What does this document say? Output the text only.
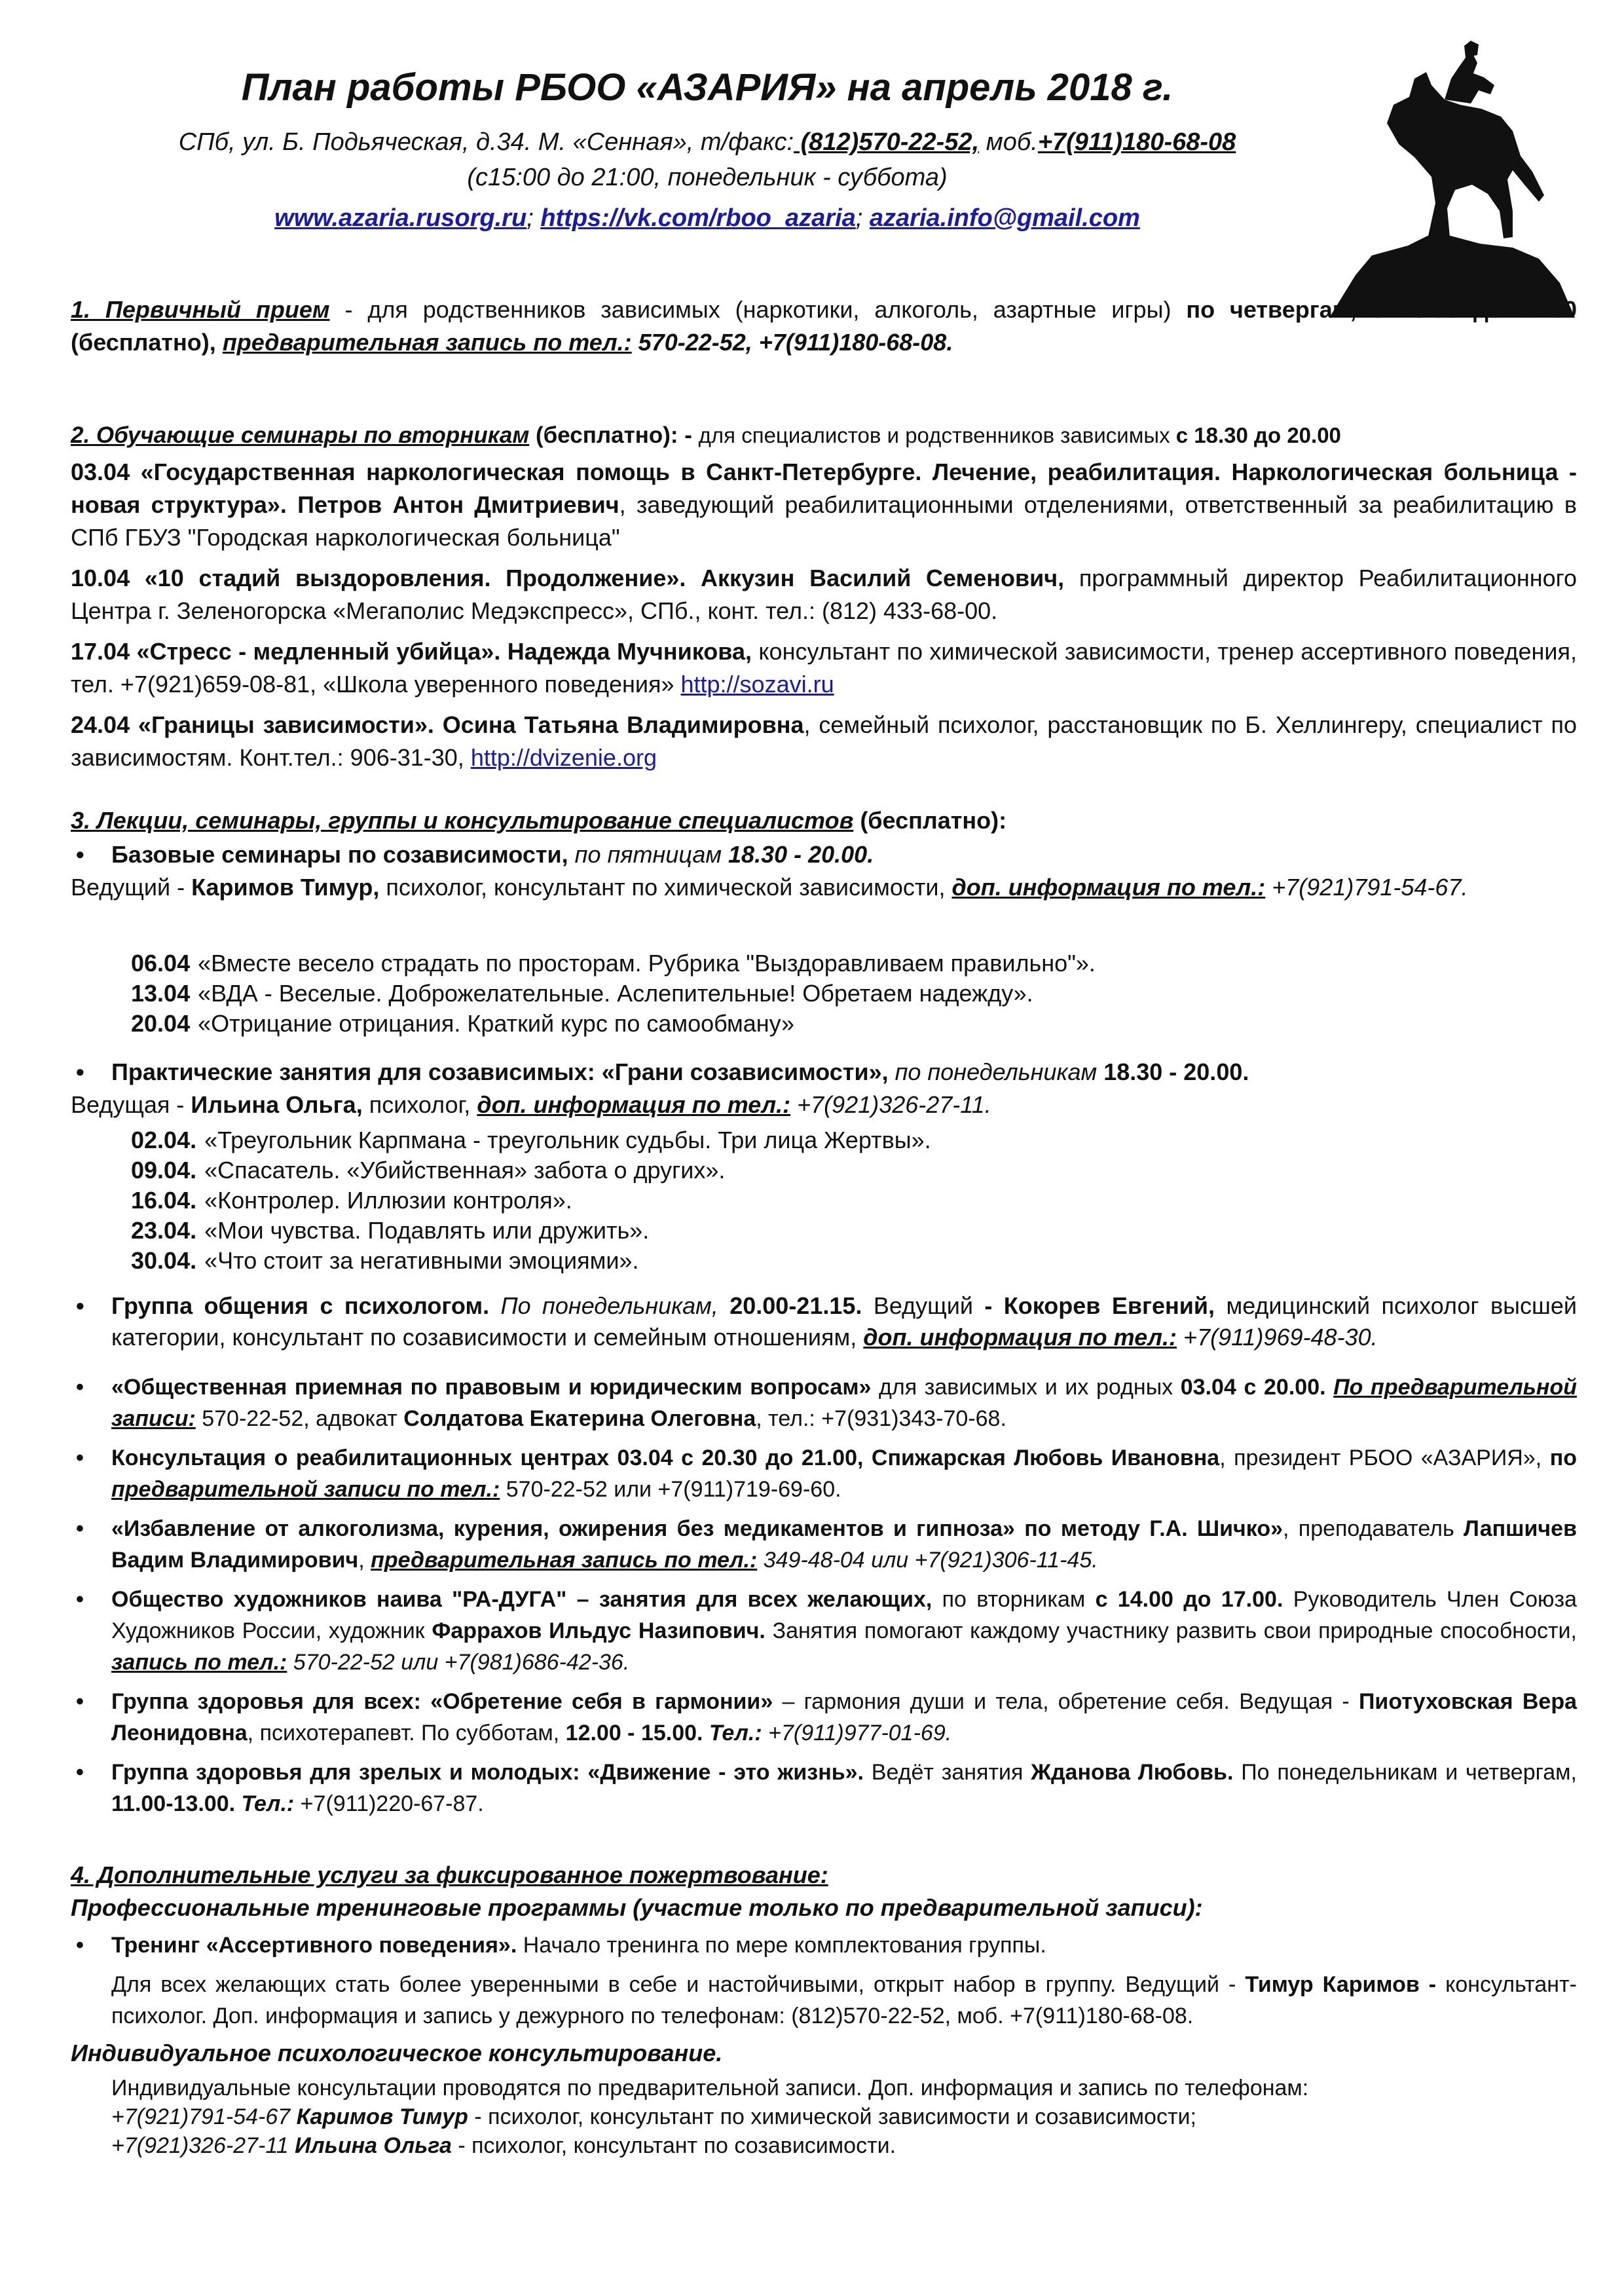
План работы РБОО «АЗАРИЯ» на апрель 2018 г.
СПб, ул. Б. Подьяческая, д.34. М. «Сенная», т/факс: (812)570-22-52, моб.+7(911)180-68-08
(с15:00 до 21:00, понедельник - суббота)
www.azaria.rusorg.ru; https://vk.com/rboo_azaria; azaria.info@gmail.com
1. Первичный прием - для родственников зависимых (наркотики, алкоголь, азартные игры) по четвергам, с 18.00 до 21.00 (бесплатно), предварительная запись по тел.: 570-22-52, +7(911)180-68-08.
2. Обучающие семинары по вторникам (бесплатно): - для специалистов и родственников зависимых с 18.30 до 20.00
03.04 «Государственная наркологическая помощь в Санкт-Петербурге. Лечение, реабилитация. Наркологическая больница - новая структура». Петров Антон Дмитриевич, заведующий реабилитационными отделениями, ответственный за реабилитацию в СПб ГБУЗ "Городская наркологическая больница"
10.04 «10 стадий выздоровления. Продолжение». Аккузин Василий Семенович, программный директор Реабилитационного Центра г. Зеленогорска «Мегаполис Медэкспресс», СПб., конт. тел.: (812) 433-68-00.
17.04 «Стресс - медленный убийца». Надежда Мучникова, консультант по химической зависимости, тренер ассертивного поведения, тел. +7(921)659-08-81, «Школа уверенного поведения» http://sozavi.ru
24.04 «Границы зависимости». Осина Татьяна Владимировна, семейный психолог, расстановщик по Б. Хеллингеру, специалист по зависимостям. Конт.тел.: 906-31-30, http://dvizenie.org
3. Лекции, семинары, группы и консультирование специалистов (бесплатно):
• Базовые семинары по созависимости, по пятницам 18.30 - 20.00.
Ведущий - Каримов Тимур, психолог, консультант по химической зависимости, доп. информация по тел.: +7(921)791-54-67.
06.04 «Вместе весело страдать по просторам. Рубрика "Выздоравливаем правильно"».
13.04 «ВДА - Веселые. Доброжелательные. Аслепительные! Обретаем надежду».
20.04 «Отрицание отрицания. Краткий курс по самообману»
• Практические занятия для созависимых: «Грани созависимости», по понедельникам 18.30 - 20.00.
Ведущая - Ильина Ольга, психолог, доп. информация по тел.: +7(921)326-27-11.
02.04. «Треугольник Карпмана - треугольник судьбы. Три лица Жертвы».
09.04. «Спасатель. «Убийственная» забота о других».
16.04. «Контролер. Иллюзии контроля».
23.04. «Мои чувства. Подавлять или дружить».
30.04. «Что стоит за негативными эмоциями».
• Группа общения с психологом. По понедельникам, 20.00-21.15. Ведущий - Кокорев Евгений, медицинский психолог высшей категории, консультант по созависимости и семейным отношениям, доп. информация по тел.: +7(911)969-48-30.
• «Общественная приемная по правовым и юридическим вопросам» для зависимых и их родных 03.04 с 20.00. По предварительной записи: 570-22-52, адвокат Солдатова Екатерина Олеговна, тел.: +7(931)343-70-68.
• Консультация о реабилитационных центрах 03.04 с 20.30 до 21.00, Спижарская Любовь Ивановна, президент РБОО «АЗАРИЯ», по предварительной записи по тел.: 570-22-52 или +7(911)719-69-60.
• «Избавление от алкоголизма, курения, ожирения без медикаментов и гипноза» по методу Г.А. Шичко», преподаватель Лапшичев Вадим Владимирович, предварительная запись по тел.: 349-48-04 или +7(921)306-11-45.
• Общество художников наива "РА-ДУГА" – занятия для всех желающих, по вторникам с 14.00 до 17.00. Руководитель Член Союза Художников России, художник Фаррахов Ильдус Назипович. Занятия помогают каждому участнику развить свои природные способности, запись по тел.: 570-22-52 или +7(981)686-42-36.
• Группа здоровья для всех: «Обретение себя в гармонии» – гармония души и тела, обретение себя. Ведущая - Пиотуховская Вера Леонидовна, психотерапевт. По субботам, 12.00 - 15.00. Тел.: +7(911)977-01-69.
• Группа здоровья для зрелых и молодых: «Движение - это жизнь». Ведёт занятия Жданова Любовь. По понедельникам и четвергам, 11.00-13.00. Тел.: +7(911)220-67-87.
4. Дополнительные услуги за фиксированное пожертвование:
Профессиональные тренинговые программы (участие только по предварительной записи):
• Тренинг «Ассертивного поведения». Начало тренинга по мере комплектования группы.
Для всех желающих стать более уверенными в себе и настойчивыми, открыт набор в группу. Ведущий - Тимур Каримов - консультант-психолог. Доп. информация и запись у дежурного по телефонам: (812)570-22-52, моб. +7(911)180-68-08.
Индивидуальное психологическое консультирование.
Индивидуальные консультации проводятся по предварительной записи. Доп. информация и запись по телефонам:
+7(921)791-54-67 Каримов Тимур - психолог, консультант по химической зависимости и созависимости;
+7(921)326-27-11 Ильина Ольга - психолог, консультант по созависимости.
